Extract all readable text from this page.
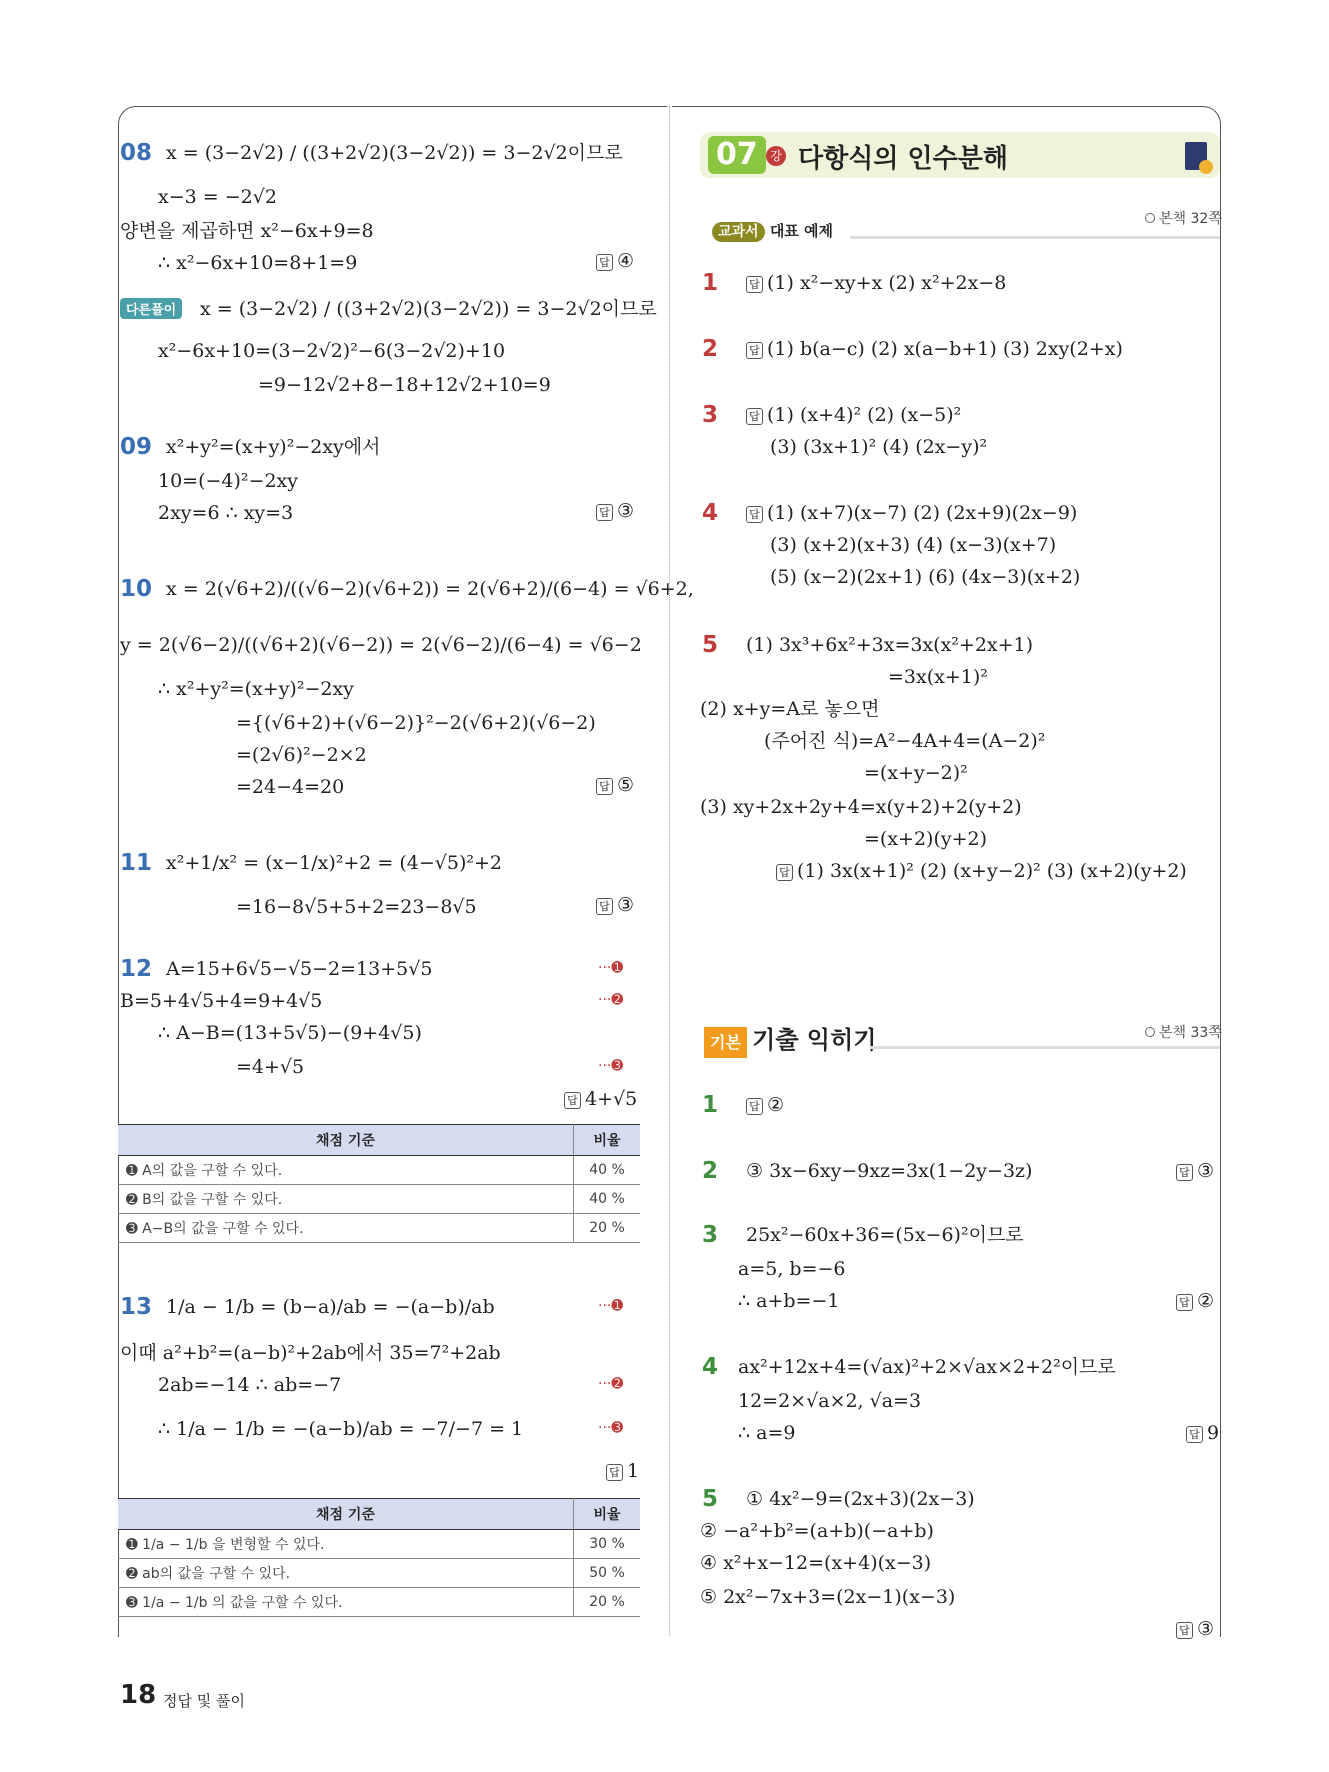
08 x = (3−2√2) / ((3+2√2)(3−2√2)) = 3−2√2이므로
x−3 = −2√2
양변을 제곱하면 x²−6x+9=8
∴ x²−6x+10=8+1=9	답 ④
다른풀이	x = (3−2√2) / ((3+2√2)(3−2√2)) = 3−2√2이므로
x²−6x+10=(3−2√2)²−6(3−2√2)+10
=9−12√2+8−18+12√2+10=9
09 x²+y²=(x+y)²−2xy에서
10=(−4)²−2xy
2xy=6 ∴ xy=3	답 ③
10 x = 2(√6+2)/((√6−2)(√6+2)) = 2(√6+2)/(6−4) = √6+2,
y = 2(√6−2)/((√6+2)(√6−2)) = 2(√6−2)/(6−4) = √6−2
∴ x²+y²=(x+y)²−2xy
={(√6+2)+(√6−2)}²−2(√6+2)(√6−2)
=(2√6)²−2×2
=24−4=20	답 ⑤
11 x²+1/x² = (x−1/x)²+2 = (4−√5)²+2
=16−8√5+5+2=23−8√5	답 ③
12 A=15+6√5−√5−2=13+5√5	···➊
B=5+4√5+4=9+4√5	···➋
∴ A−B=(13+5√5)−(9+4√5)
=4+√5	···➌
답 4+√5
채점 기준	비율
➊ A의 값을 구할 수 있다.	40 %
➋ B의 값을 구할 수 있다.	40 %
➌ A−B의 값을 구할 수 있다.	20 %
13 1/a − 1/b = (b−a)/ab = −(a−b)/ab	···➊
이때 a²+b²=(a−b)²+2ab에서 35=7²+2ab
2ab=−14 ∴ ab=−7	···➋
∴ 1/a − 1/b = −(a−b)/ab = −7/−7 = 1	···➌
답 1
채점 기준	비율
➊ 1/a − 1/b 을 변형할 수 있다.	30 %
➋ ab의 값을 구할 수 있다.	50 %
➌ 1/a − 1/b 의 값을 구할 수 있다.	20 %
07	강 다항식의 인수분해
교과서 대표 예제
본책 32쪽
1	답 (1) x²−xy+x (2) x²+2x−8
2	답 (1) b(a−c) (2) x(a−b+1) (3) 2xy(2+x)
3	답 (1) (x+4)² (2) (x−5)²
(3) (3x+1)² (4) (2x−y)²
4	답 (1) (x+7)(x−7) (2) (2x+9)(2x−9)
(3) (x+2)(x+3) (4) (x−3)(x+7)
(5) (x−2)(2x+1) (6) (4x−3)(x+2)
5 (1) 3x³+6x²+3x=3x(x²+2x+1)
=3x(x+1)²
(2) x+y=A로 놓으면
(주어진 식)=A²−4A+4=(A−2)²
=(x+y−2)²
(3) xy+2x+2y+4=x(y+2)+2(y+2)
=(x+2)(y+2)
답 (1) 3x(x+1)² (2) (x+y−2)² (3) (x+2)(y+2)
기본 기출 익히기	본책 33쪽
1	답 ②
2 ③ 3x−6xy−9xz=3x(1−2y−3z)	답 ③
3 25x²−60x+36=(5x−6)²이므로
a=5, b=−6
∴ a+b=−1	답 ②
4 ax²+12x+4=(√ax)²+2×√ax×2+2²이므로
12=2×√a×2, √a=3
∴ a=9	답 9
5 ① 4x²−9=(2x+3)(2x−3)
② −a²+b²=(a+b)(−a+b)
④ x²+x−12=(x+4)(x−3)
⑤ 2x²−7x+3=(2x−1)(x−3)
답 ③
18 정답 및 풀이
